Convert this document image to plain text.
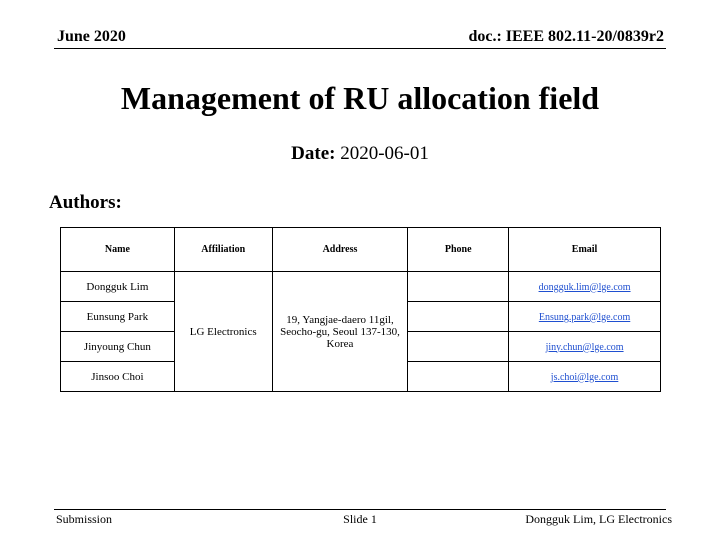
June 2020	doc.: IEEE 802.11-20/0839r2
Management of RU allocation field
Date: 2020-06-01
Authors:
Name	Affiliation	Address	Phone	Email
Dongguk Lim	LG Electronics	19, Yangjae-daero 11gil, Seocho-gu, Seoul 137-130, Korea		dongguk.lim@lge.com
Eunsung Park				Ensung.park@lge.com
Jinyoung Chun				jiny.chun@lge.com
Jinsoo Choi				js.choi@lge.com
Submission	Slide 1	Dongguk Lim, LG Electronics
